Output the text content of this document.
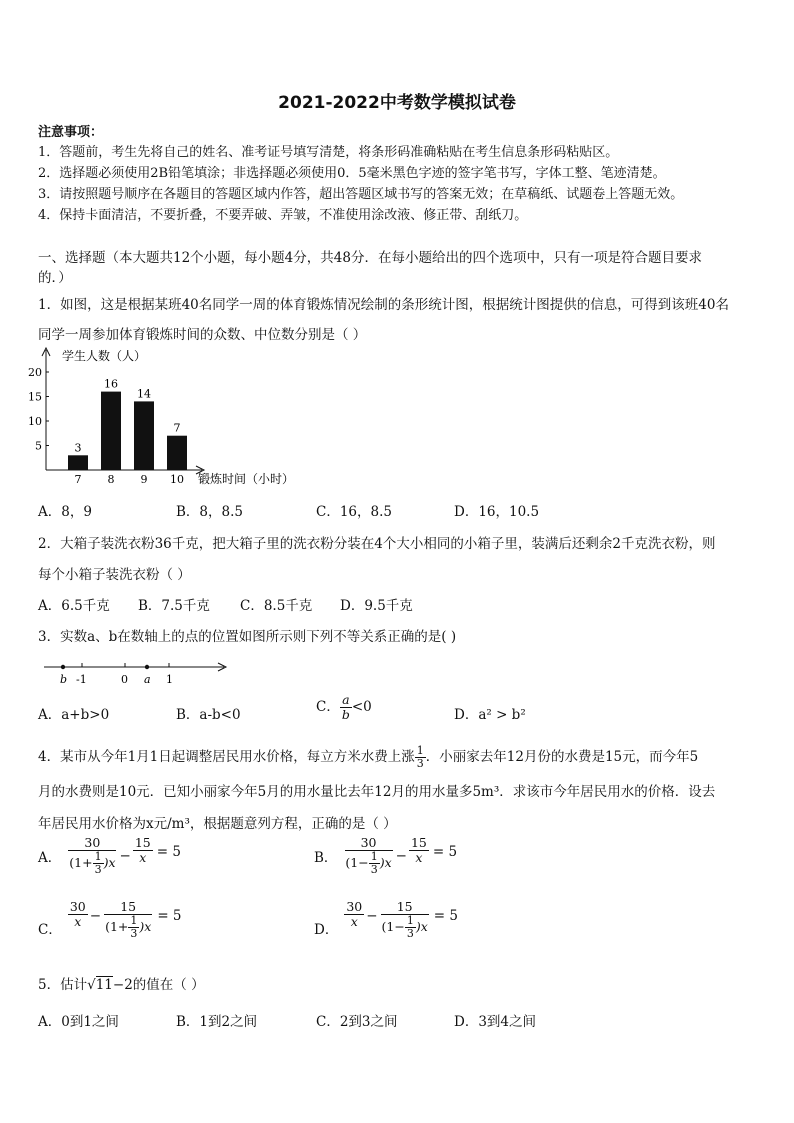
2021-2022中考数学模拟试卷
注意事项：
1．答题前，考生先将自己的姓名、准考证号填写清楚，将条形码准确粘贴在考生信息条形码粘贴区。
2．选择题必须使用2B铅笔填涂；非选择题必须使用0．5毫米黑色字迹的签字笔书写，字体工整、笔迹清楚。
3．请按照题号顺序在各题目的答题区域内作答，超出答题区域书写的答案无效；在草稿纸、试题卷上答题无效。
4．保持卡面清洁，不要折叠，不要弄破、弄皱，不准使用涂改液、修正带、刮纸刀。
一、选择题（本大题共12个小题，每小题4分，共48分．在每小题给出的四个选项中，只有一项是符合题目要求
的．）
1．如图，这是根据某班40名同学一周的体育锻炼情况绘制的条形统计图，根据统计图提供的信息，可得到该班40名
同学一周参加体育锻炼时间的众数、中位数分别是（ ）
学生人数（人）
锻炼时间（小时）
5
10
15
20
3
7
16
8
14
9
7
10
A．8，9	B．8，8.5	C．16，8.5	D．16，10.5
2．大箱子装洗衣粉36千克，把大箱子里的洗衣粉分装在4个大小相同的小箱子里，装满后还剩余2千克洗衣粉，则
每个小箱子装洗衣粉（ ）
A．6.5千克 B．7.5千克 C．8.5千克 D．9.5千克
3．实数a、b在数轴上的点的位置如图所示则下列不等关系正确的是( )
b -1	0 a 1
A．a+b>0	B．a-b<0
C． $\frac{a}{b} <0$
D．a² > b²
4．某市从今年1月1日起调整居民用水价格，每立方米水费上涨 $\frac{1}{3}$ ．小丽家去年12月份的水费是15元，而今年5
月的水费则是10元．已知小丽家今年5月的用水量比去年12月的用水量多5m³．求该市今年居民用水的价格．设去
年居民用水价格为x元/m³，根据题意列方程，正确的是（ ）
A． $\frac{30}{(1+ \frac{1}{3} )x} - \frac{15}{x} = 5$	B． $\frac{30}{(1- \frac{1}{3} )x} - \frac{15}{x} = 5$
C．
$\frac{30}{x} - \frac{15}{(1+ \frac{1}{3} )x} = 5$
D．
$\frac{30}{x} - \frac{15}{(1- \frac{1}{3} )x} = 5$
5．估计√11−2的值在（ ）
A．0到1之间	B．1到2之间	C．2到3之间	D．3到4之间
